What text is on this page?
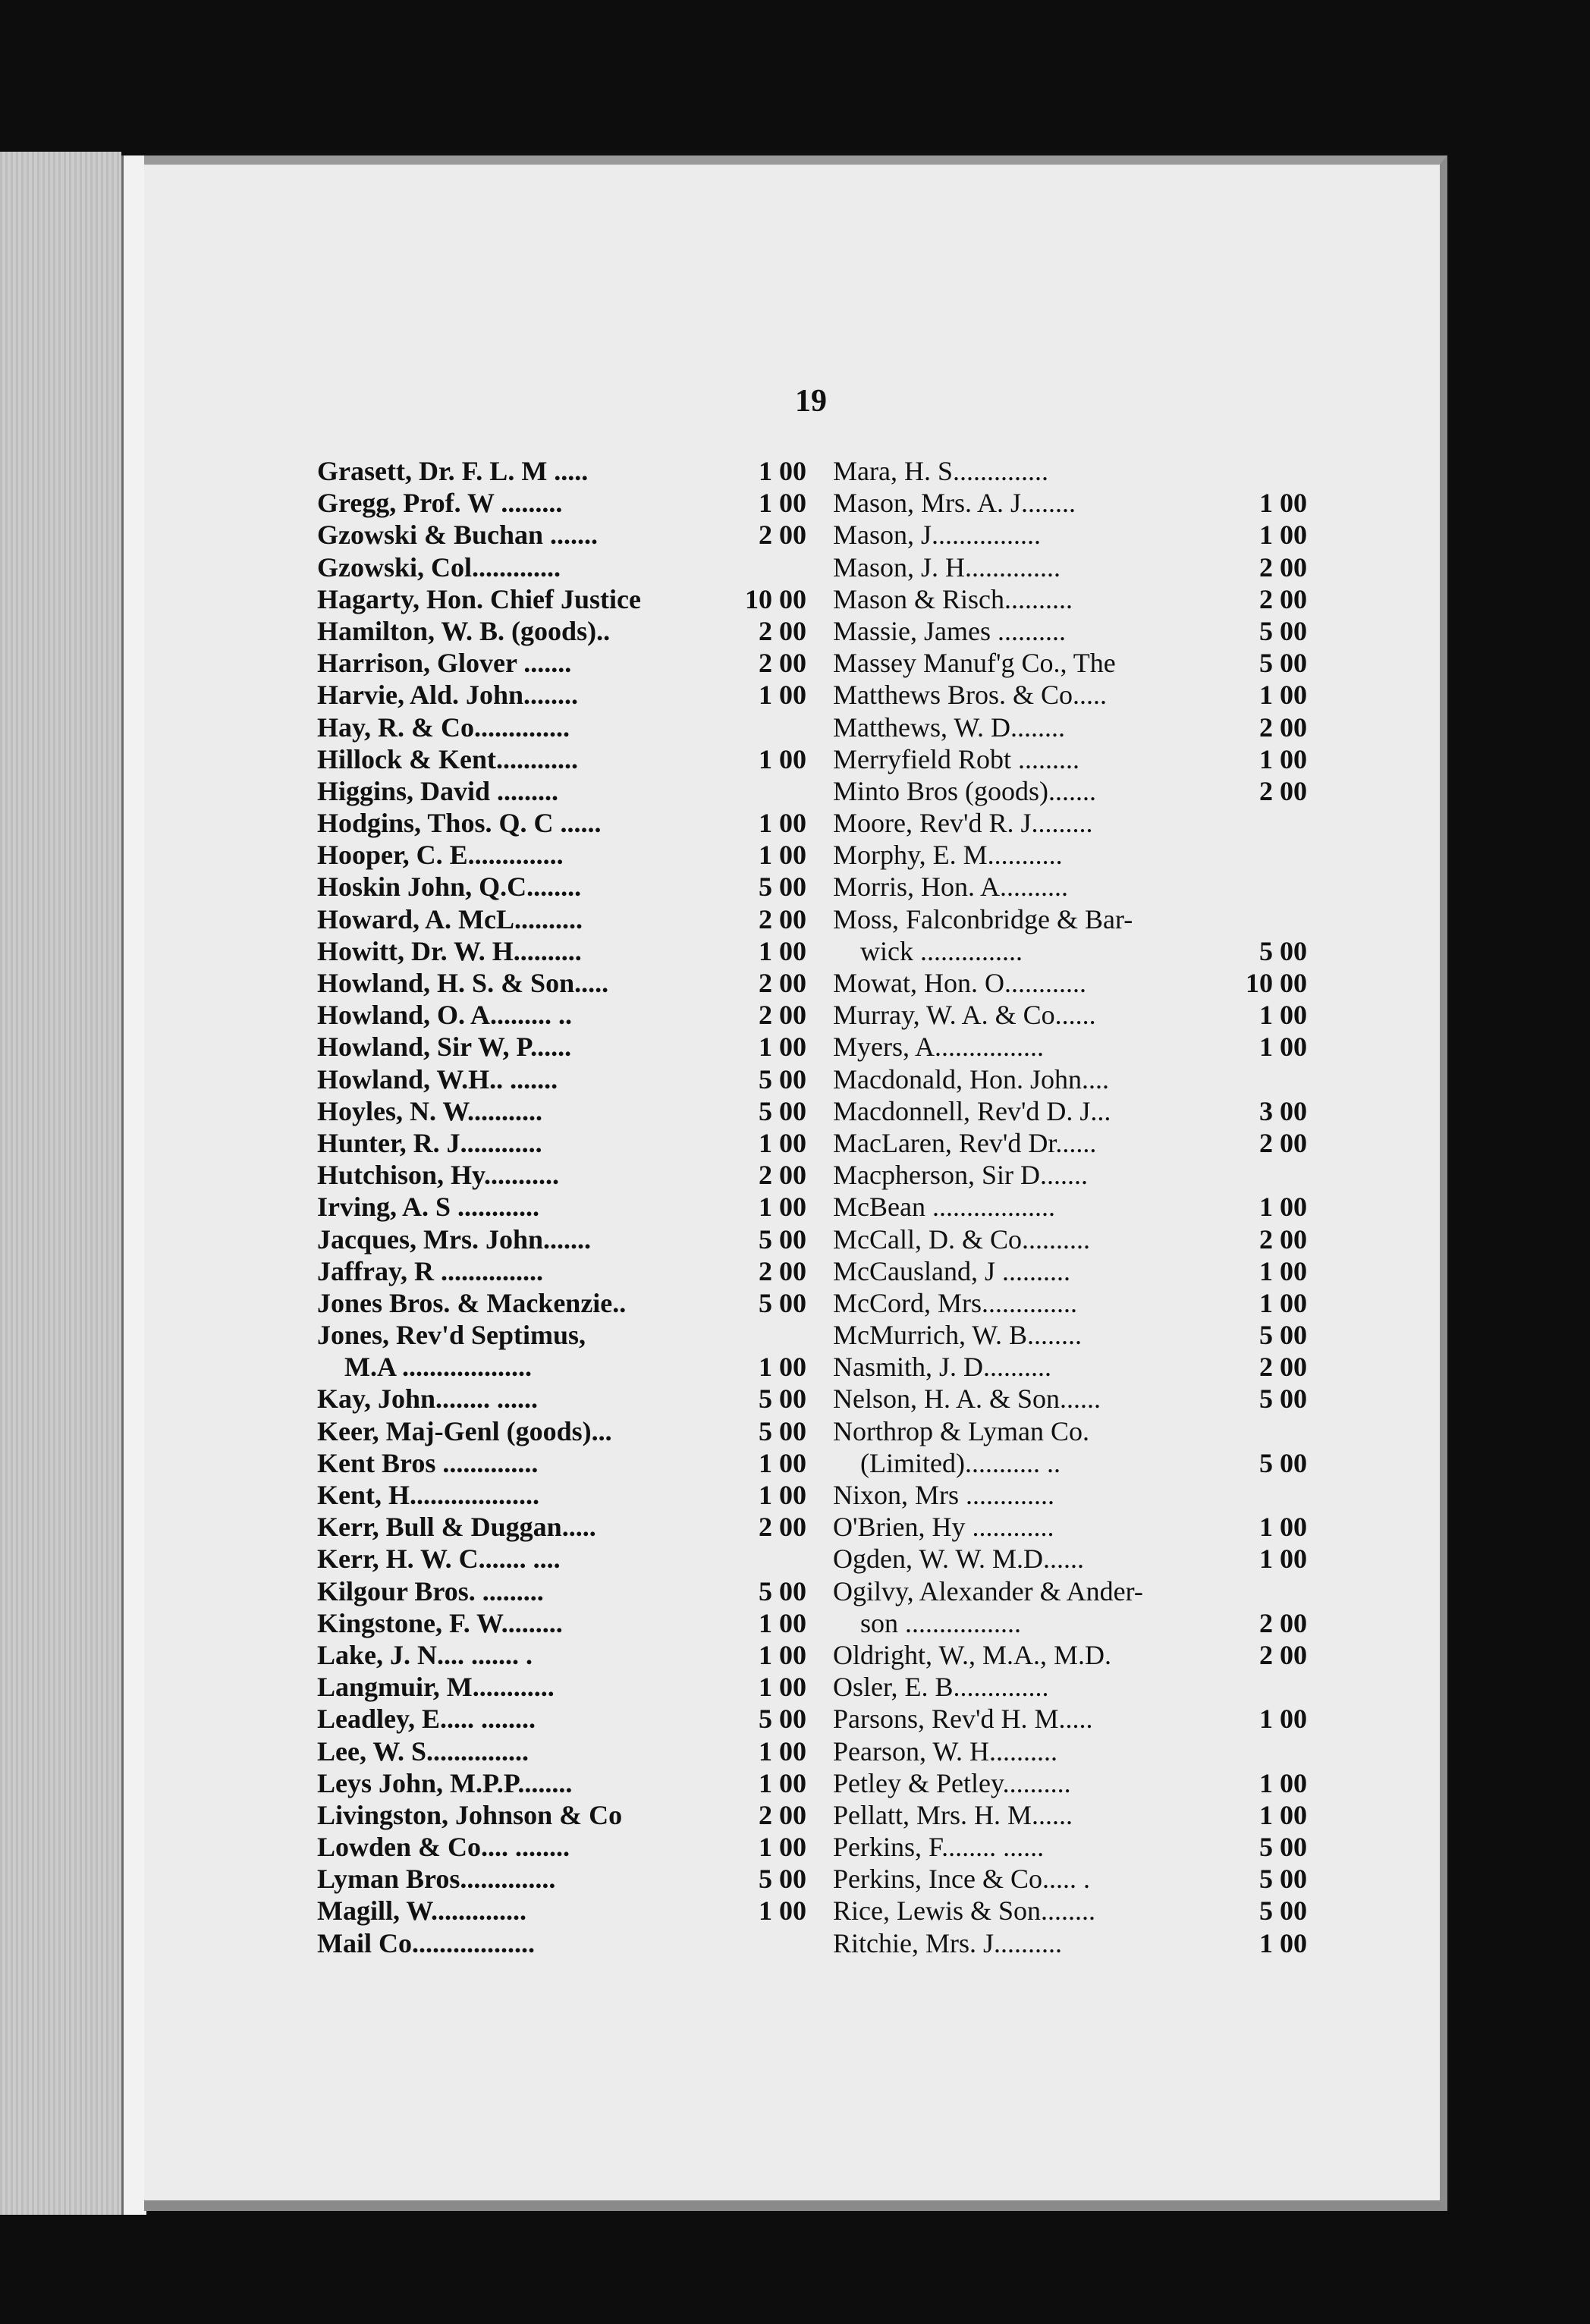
19
Grasett, Dr. F. L. M .....	1 00
Gregg, Prof. W .........	1 00
Gzowski & Buchan .......	2 00
Gzowski, Col.............
Hagarty, Hon. Chief Justice	10 00
Hamilton, W. B. (goods)..	2 00
Harrison, Glover .......	2 00
Harvie, Ald. John........	1 00
Hay, R. & Co..............
Hillock & Kent............	1 00
Higgins, David .........
Hodgins, Thos. Q. C ......	1 00
Hooper, C. E..............	1 00
Hoskin John, Q.C........	5 00
Howard, A. McL..........	2 00
Howitt, Dr. W. H..........	1 00
Howland, H. S. & Son.....	2 00
Howland, O. A......... ..	2 00
Howland, Sir W, P......	1 00
Howland, W.H.. .......	5 00
Hoyles, N. W...........	5 00
Hunter, R. J............	1 00
Hutchison, Hy...........	2 00
Irving, A. S ............	1 00
Jacques, Mrs. John.......	5 00
Jaffray, R ...............	2 00
Jones Bros. & Mackenzie..	5 00
Jones, Rev'd Septimus,
M.A ...................	1 00
Kay, John........ ......	5 00
Keer, Maj-Genl (goods)...	5 00
Kent Bros ..............	1 00
Kent, H...................	1 00
Kerr, Bull & Duggan.....	2 00
Kerr, H. W. C....... ....
Kilgour Bros. .........	5 00
Kingstone, F. W.........	1 00
Lake, J. N.... ....... .	1 00
Langmuir, M............	1 00
Leadley, E..... ........	5 00
Lee, W. S...............	1 00
Leys John, M.P.P........	1 00
Livingston, Johnson & Co	2 00
Lowden & Co.... ........	1 00
Lyman Bros..............	5 00
Magill, W..............	1 00
Mail Co..................
Mara, H. S..............
Mason, Mrs. A. J........	1 00
Mason, J................	1 00
Mason, J. H..............	2 00
Mason & Risch..........	2 00
Massie, James ..........	5 00
Massey Manuf'g Co., The	5 00
Matthews Bros. & Co.....	1 00
Matthews, W. D........	2 00
Merryfield Robt .........	1 00
Minto Bros (goods).......	2 00
Moore, Rev'd R. J.........
Morphy, E. M...........
Morris, Hon. A..........
Moss, Falconbridge & Bar-
wick ...............	5 00
Mowat, Hon. O............	10 00
Murray, W. A. & Co......	1 00
Myers, A................	1 00
Macdonald, Hon. John....
Macdonnell, Rev'd D. J...	3 00
MacLaren, Rev'd Dr......	2 00
Macpherson, Sir D.......
McBean ..................	1 00
McCall, D. & Co..........	2 00
McCausland, J ..........	1 00
McCord, Mrs..............	1 00
McMurrich, W. B........	5 00
Nasmith, J. D..........	2 00
Nelson, H. A. & Son......	5 00
Northrop & Lyman Co.
(Limited)........... ..	5 00
Nixon, Mrs .............
O'Brien, Hy ............	1 00
Ogden, W. W. M.D......	1 00
Ogilvy, Alexander & Ander-
son .................	2 00
Oldright, W., M.A., M.D.	2 00
Osler, E. B..............
Parsons, Rev'd H. M.....	1 00
Pearson, W. H..........
Petley & Petley..........	1 00
Pellatt, Mrs. H. M......	1 00
Perkins, F........ ......	5 00
Perkins, Ince & Co..... .	5 00
Rice, Lewis & Son........	5 00
Ritchie, Mrs. J..........	1 00
